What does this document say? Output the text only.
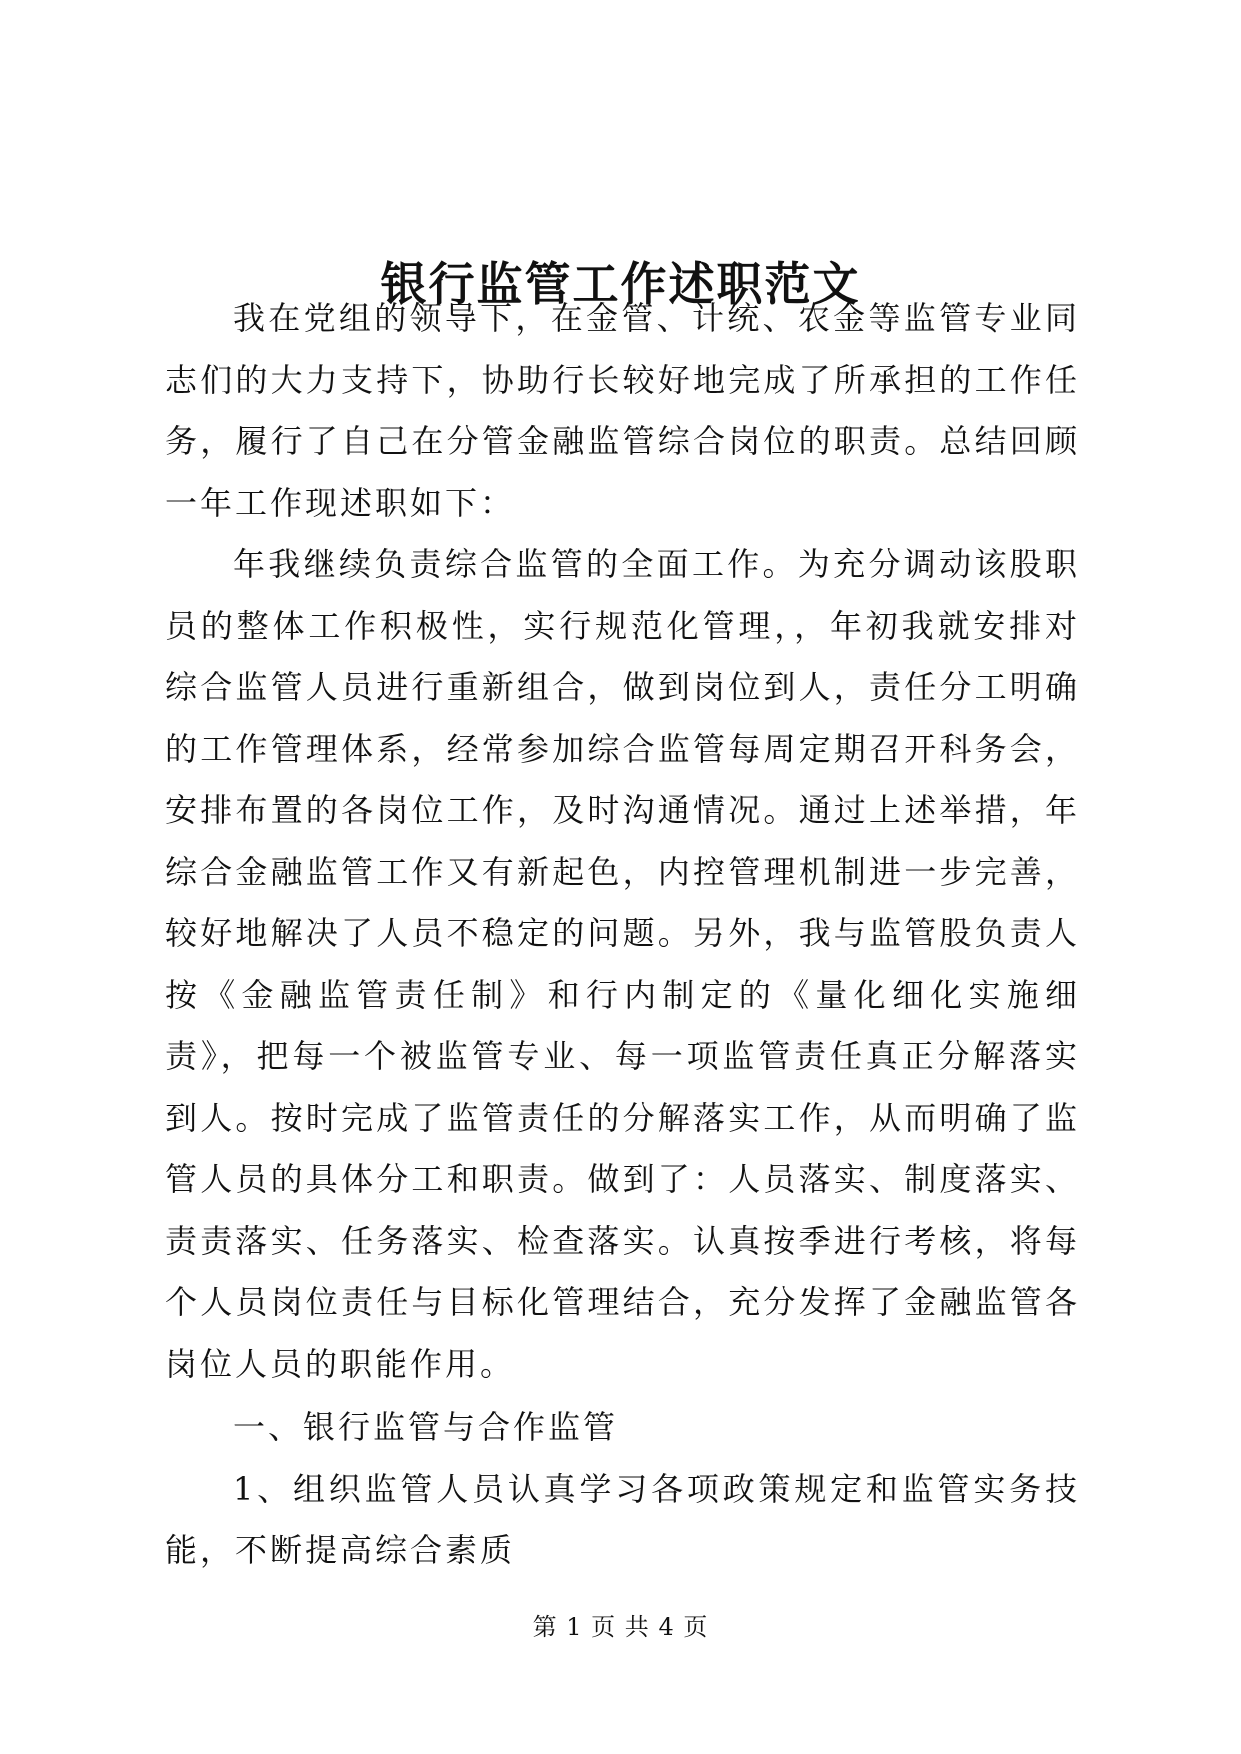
银行监管工作述职范文

我在党组的领导下，在金管、计统、农金等监管专业同志们的大力支持下，协助行长较好地完成了所承担的工作任务，履行了自己在分管金融监管综合岗位的职责。总结回顾一年工作现述职如下：

年我继续负责综合监管的全面工作。为充分调动该股职员的整体工作积极性，实行规范化管理，，年初我就安排对综合监管人员进行重新组合，做到岗位到人，责任分工明确的工作管理体系，经常参加综合监管每周定期召开科务会，安排布置的各岗位工作，及时沟通情况。通过上述举措，年综合金融监管工作又有新起色，内控管理机制进一步完善，较好地解决了人员不稳定的问题。另外，我与监管股负责人按《金融监管责任制》和行内制定的《量化细化实施细责》，把每一个被监管专业、每一项监管责任真正分解落实到人。按时完成了监管责任的分解落实工作，从而明确了监管人员的具体分工和职责。做到了：人员落实、制度落实、责责落实、任务落实、检查落实。认真按季进行考核，将每个人员岗位责任与目标化管理结合，充分发挥了金融监管各岗位人员的职能作用。

一、银行监管与合作监管

1、组织监管人员认真学习各项政策规定和监管实务技能，不断提高综合素质

第 1 页 共 4 页
